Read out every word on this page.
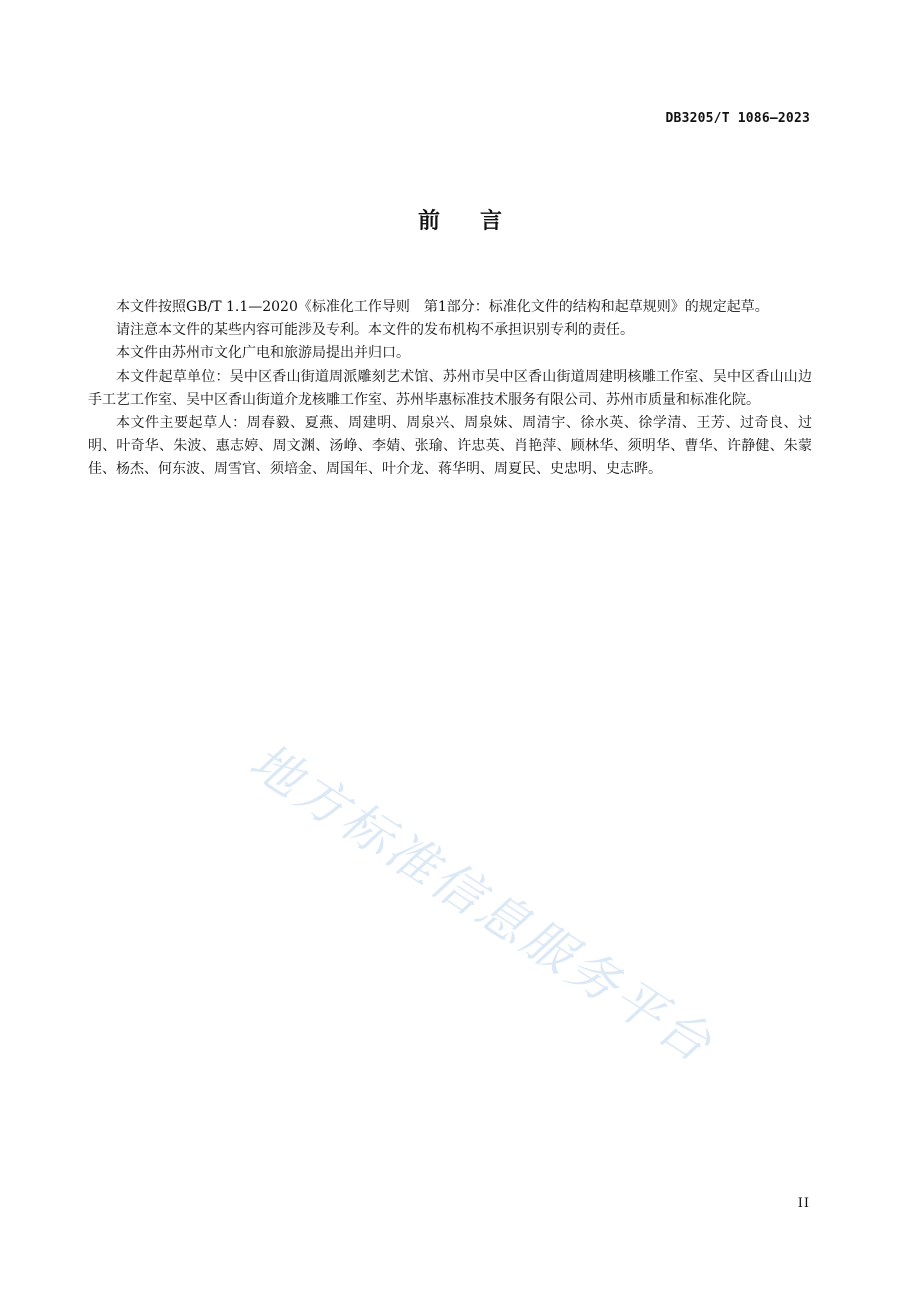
DB3205/T 1086—2023
前言

本文件按照GB/T 1.1—2020《标准化工作导则　第1部分：标准化文件的结构和起草规则》的规定起草。

请注意本文件的某些内容可能涉及专利。本文件的发布机构不承担识别专利的责任。

本文件由苏州市文化广电和旅游局提出并归口。

本文件起草单位：吴中区香山街道周派雕刻艺术馆、苏州市吴中区香山街道周建明核雕工作室、吴中区香山山边手工艺工作室、吴中区香山街道介龙核雕工作室、苏州毕惠标准技术服务有限公司、苏州市质量和标准化院。

本文件主要起草人：周春毅、夏燕、周建明、周泉兴、周泉妹、周清宇、徐水英、徐学清、王芳、过奇良、过明、叶奇华、朱波、惠志婷、周文渊、汤峥、李婧、张瑜、许忠英、肖艳萍、顾林华、须明华、曹华、许静健、朱蒙佳、杨杰、何东波、周雪官、须培金、周国年、叶介龙、蒋华明、周夏民、史忠明、史志晔。

地方标准信息服务平台
II
